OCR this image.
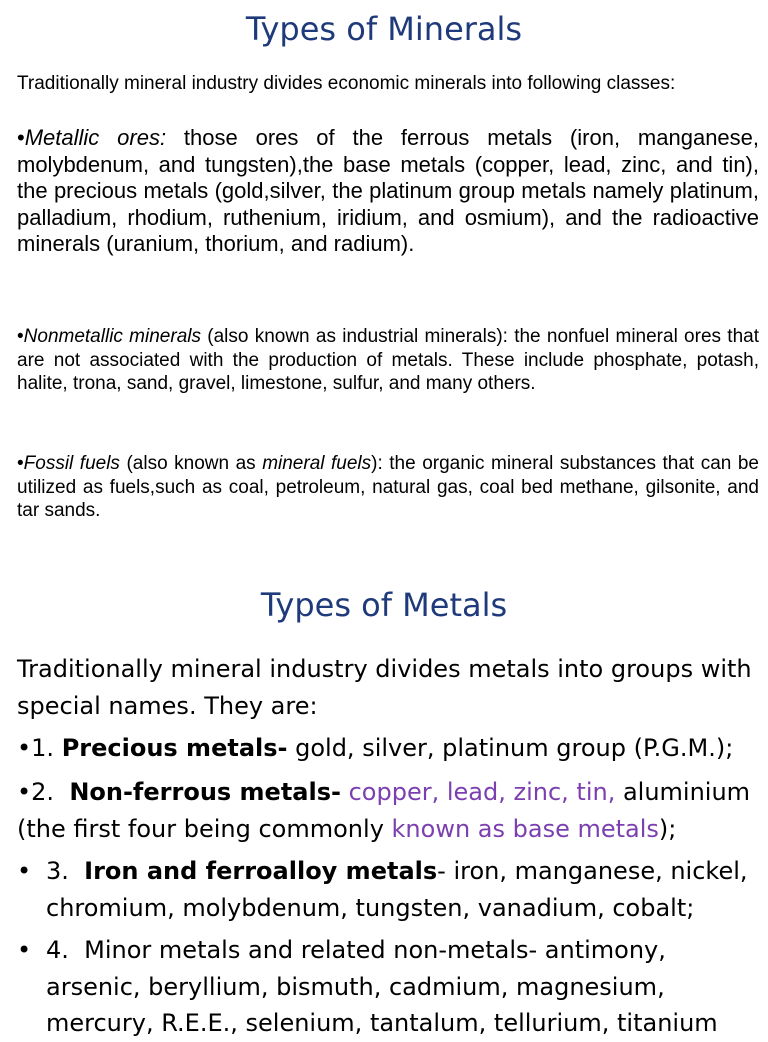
Types of Minerals
Traditionally mineral industry divides economic minerals into following classes:
•Metallic ores: those ores of the ferrous metals (iron, manganese, molybdenum, and tungsten),the base metals (copper, lead, zinc, and tin), the precious metals (gold,silver, the platinum group metals namely platinum, palladium, rhodium, ruthenium, iridium, and osmium), and the radioactive minerals (uranium, thorium, and radium).
•Nonmetallic minerals (also known as industrial minerals): the nonfuel mineral ores that are not associated with the production of metals. These include phosphate, potash, halite, trona, sand, gravel, limestone, sulfur, and many others.
•Fossil fuels (also known as mineral fuels): the organic mineral substances that can be utilized as fuels,such as coal, petroleum, natural gas, coal bed methane, gilsonite, and tar sands.
Types of Metals
Traditionally mineral industry divides metals into groups with special names. They are:
•1. Precious metals- gold, silver, platinum group (P.G.M.);
•2.  Non-ferrous metals- copper, lead, zinc, tin, aluminium (the first four being commonly known as base metals);
• 3.  Iron and ferroalloy metals- iron, manganese, nickel, chromium, molybdenum, tungsten, vanadium, cobalt;
• 4.  Minor metals and related non-metals- antimony, arsenic, beryllium, bismuth, cadmium, magnesium, mercury, R.E.E., selenium, tantalum, tellurium, titanium
